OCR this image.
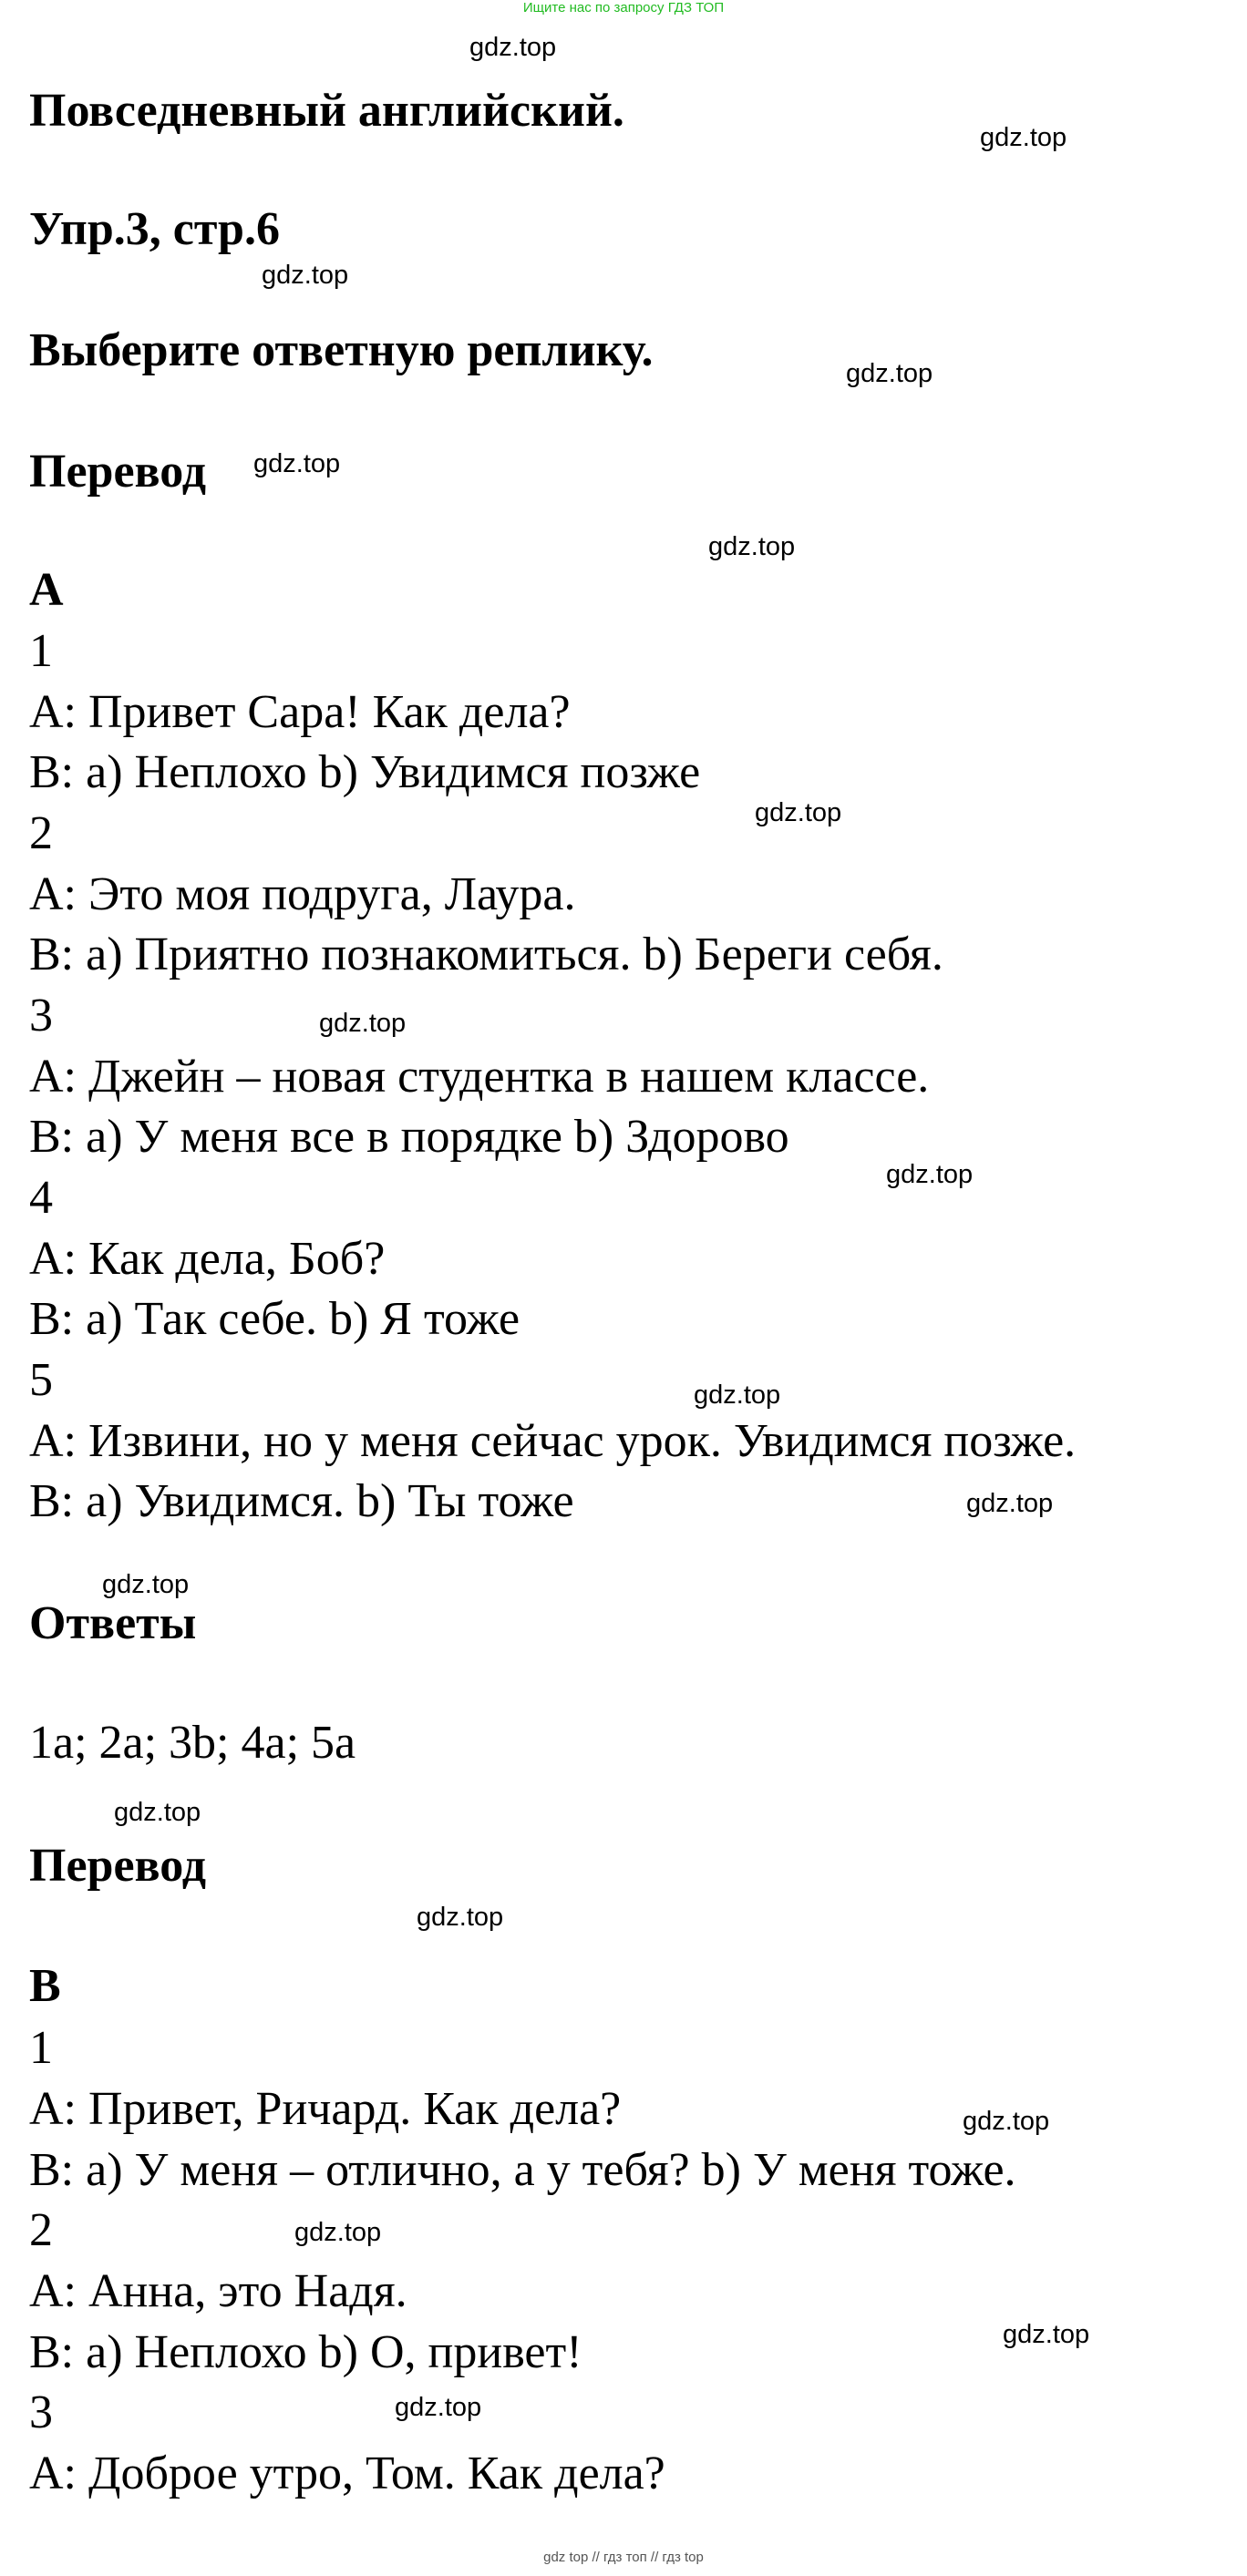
Ищите нас по запросу ГДЗ ТОП
gdz.top
Повседневный английский.
gdz.top
Упр.3, стр.6
gdz.top
Выберите ответную реплику.	gdz.top
Перевод gdz.top
gdz.top
A
1
A: Привет Сара! Как дела?
B: а) Неплохо b) Увидимся позже
gdz.top
2
A: Это моя подруга, Лаура.
B: а) Приятно познакомиться. b) Береги себя.
3	gdz.top
A: Джейн – новая студентка в нашем классе.
B: а) У меня все в порядке b) Здорово
gdz.top
4
A: Как дела, Боб?
B: а) Так себе. b) Я тоже
5	gdz.top
A: Извини, но у меня сейчас урок. Увидимся позже.
B: а) Увидимся. b) Ты тоже	gdz.top
gdz.top
Ответы
1a; 2a; 3b; 4a; 5a
gdz.top
Перевод
gdz.top
B
1
A: Привет, Ричард. Как дела?	gdz.top
B: а) У меня – отлично, а у тебя? b) У меня тоже.
2	gdz.top
A: Анна, это Надя.
gdz.top
B: а) Неплохо b) О, привет!
3	gdz.top
A: Доброе утро, Том. Как дела?
gdz top // гдз топ // гдз top
